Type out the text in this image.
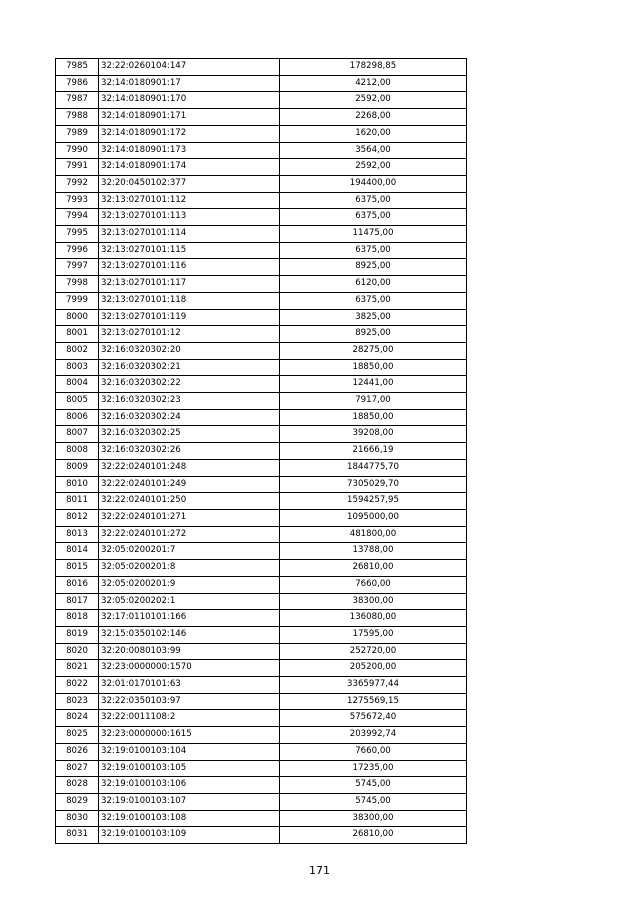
7985	32:22:0260104:147	178298,85
7986	32:14:0180901:17	4212,00
7987	32:14:0180901:170	2592,00
7988	32:14:0180901:171	2268,00
7989	32:14:0180901:172	1620,00
7990	32:14:0180901:173	3564,00
7991	32:14:0180901:174	2592,00
7992	32:20:0450102:377	194400,00
7993	32:13:0270101:112	6375,00
7994	32:13:0270101:113	6375,00
7995	32:13:0270101:114	11475,00
7996	32:13:0270101:115	6375,00
7997	32:13:0270101:116	8925,00
7998	32:13:0270101:117	6120,00
7999	32:13:0270101:118	6375,00
8000	32:13:0270101:119	3825,00
8001	32:13:0270101:12	8925,00
8002	32:16:0320302:20	28275,00
8003	32:16:0320302:21	18850,00
8004	32:16:0320302:22	12441,00
8005	32:16:0320302:23	7917,00
8006	32:16:0320302:24	18850,00
8007	32:16:0320302:25	39208,00
8008	32:16:0320302:26	21666,19
8009	32:22:0240101:248	1844775,70
8010	32:22:0240101:249	7305029,70
8011	32:22:0240101:250	1594257,95
8012	32:22:0240101:271	1095000,00
8013	32:22:0240101:272	481800,00
8014	32:05:0200201:7	13788,00
8015	32:05:0200201:8	26810,00
8016	32:05:0200201:9	7660,00
8017	32:05:0200202:1	38300,00
8018	32:17:0110101:166	136080,00
8019	32:15:0350102:146	17595,00
8020	32:20:0080103:99	252720,00
8021	32:23:0000000:1570	205200,00
8022	32:01:0170101:63	3365977,44
8023	32:22:0350103:97	1275569,15
8024	32:22:0011108:2	575672,40
8025	32:23:0000000:1615	203992,74
8026	32:19:0100103:104	7660,00
8027	32:19:0100103:105	17235,00
8028	32:19:0100103:106	5745,00
8029	32:19:0100103:107	5745,00
8030	32:19:0100103:108	38300,00
8031	32:19:0100103:109	26810,00
171
